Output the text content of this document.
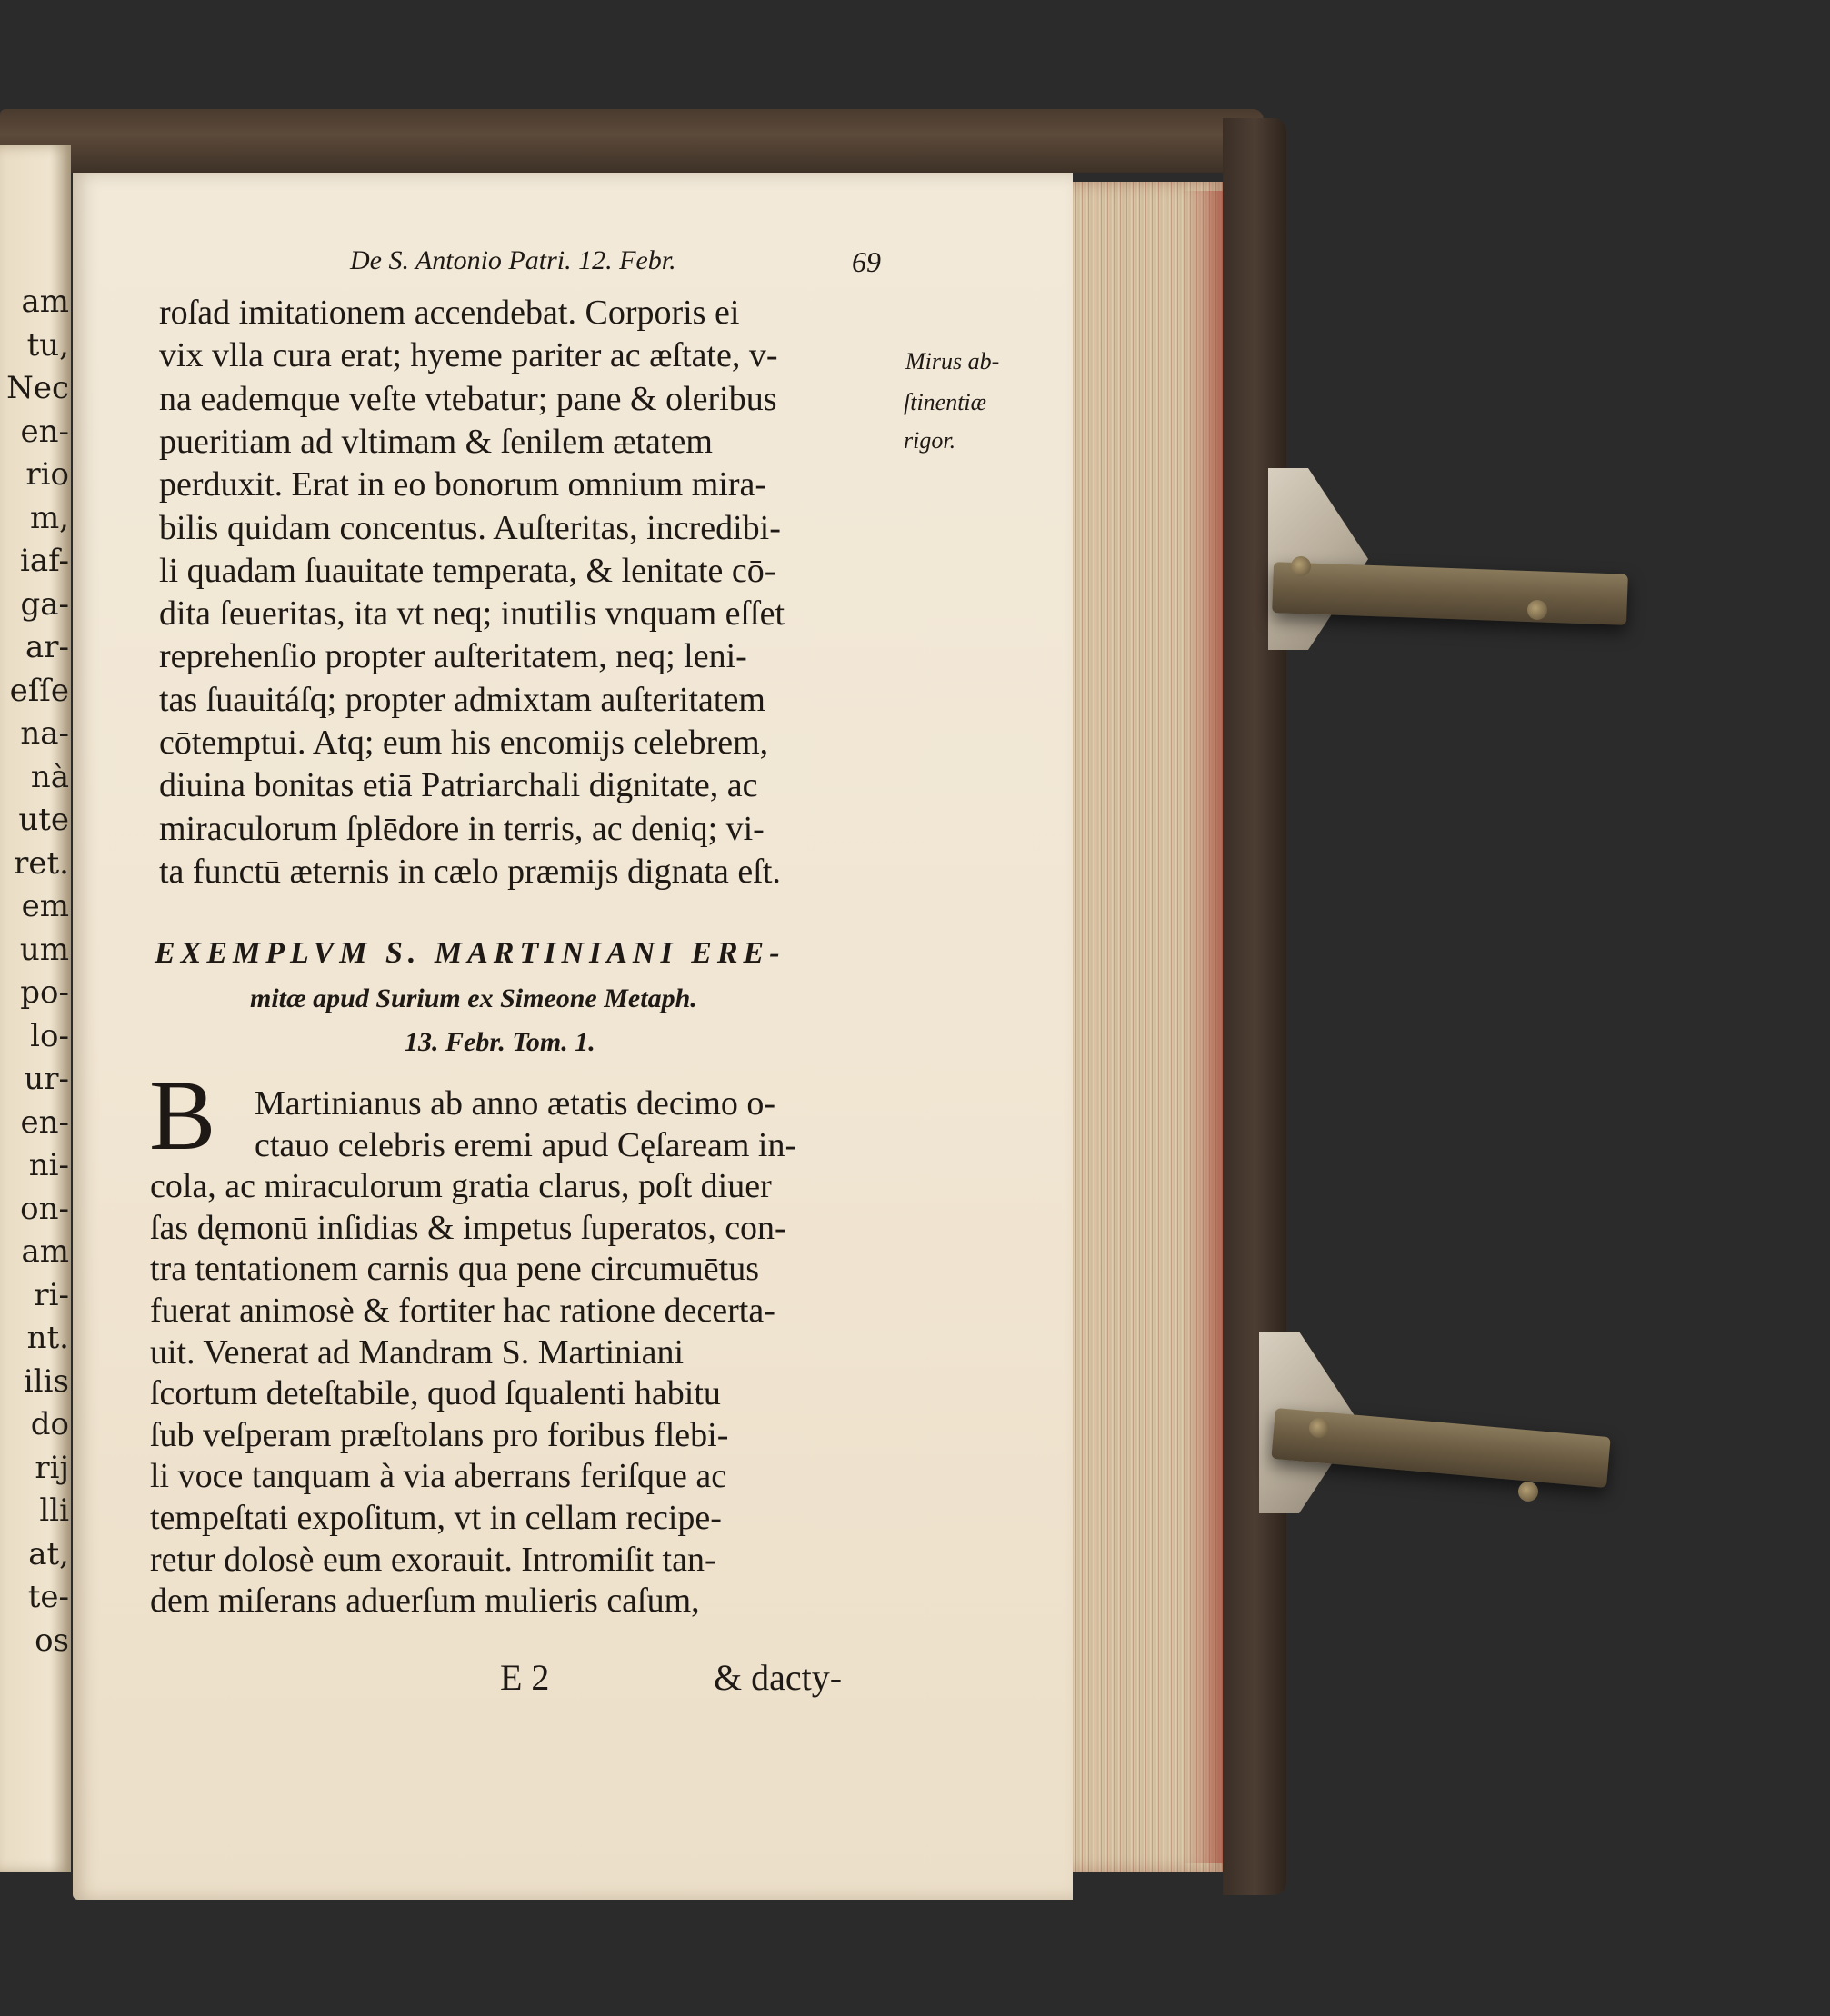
am
tu,
Nec
en-
rio
m,
iaf-
ga-
ar-
eſſe
na-
nà
ute
ret.
em
um
po-
lo-
ur-
en-
ni-
on-
am
ri-
nt.
ilis
do
rij
lli
at,
te-
os
De S. Antonio Patri. 12. Febr.	69
roſad imitationem accendebat. Corporis ei
vix vlla cura erat; hyeme pariter ac æſtate, v-
na eademque veſte vtebatur; pane & oleribus
pueritiam ad vltimam & ſenilem ætatem
perduxit. Erat in eo bonorum omnium mira-
bilis quidam concentus. Auſteritas, incredibi-
li quadam ſuauitate temperata, & lenitate cō-
dita ſeueritas, ita vt neq; inutilis vnquam eſſet
reprehenſio propter auſteritatem, neq; leni-
tas ſuauitáſq; propter admixtam auſteritatem
cōtemptui. Atq; eum his encomijs celebrem,
diuina bonitas etiā Patriarchali dignitate, ac
miraculorum ſplēdore in terris, ac deniq; vi-
ta functū æternis in cælo præmijs dignata eſt.
Mirus ab-
ſtinentiæ
rigor.
EXEMPLVM S. MARTINIANI ERE-
mitæ apud Surium ex Simeone Metaph.
13. Febr. Tom. 1.
B Martinianus ab anno ætatis decimo o-
ctauo celebris eremi apud Cęſaream in-
cola, ac miraculorum gratia clarus, poſt diuer
ſas dęmonū inſidias & impetus ſuperatos, con-
tra tentationem carnis qua pene circumuētus
fuerat animosè & fortiter hac ratione decerta-
uit. Venerat ad Mandram S. Martiniani
ſcortum deteſtabile, quod ſqualenti habitu
ſub veſperam præſtolans pro foribus flebi-
li voce tanquam à via aberrans feriſque ac
tempeſtati expoſitum, vt in cellam recipe-
retur dolosè eum exorauit. Intromiſit tan-
dem miſerans aduerſum mulieris caſum,
E 2	& dacty-
